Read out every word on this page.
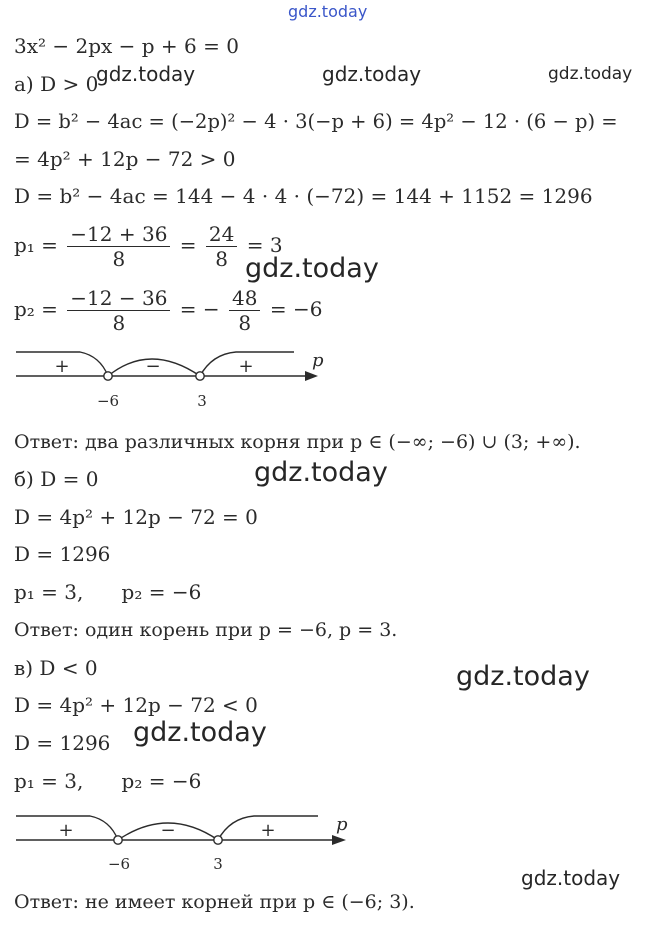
gdz.today
gdz.today	gdz.today	gdz.today
gdz.today
gdz.today
gdz.today
gdz.today
gdz.today
3x² − 2px − p + 6 = 0
а) D > 0
D = b² − 4ac = (−2p)² − 4 · 3(−p + 6) = 4p² − 12 · (6 − p) =
= 4p² + 12p − 72 > 0
D = b² − 4ac = 144 − 4 · 4 · (−72) = 144 + 1152 = 1296
$p_1 = \frac{-12 + 36}{8} = \frac{24}{8} = 3$
$p_2 = \frac{-12 - 36}{8}$ = − $\frac{48}{8} = -6$
+	−	+
−6	3
p
Ответ: два различных корня при p ∈ (−∞; −6) ∪ (3; +∞).
б) D = 0
D = 4p² + 12p − 72 = 0
D = 1296
p₁ = 3,      p₂ = −6
Ответ: один корень при p = −6, p = 3.
в) D < 0
D = 4p² + 12p − 72 < 0
D = 1296
p₁ = 3,      p₂ = −6
+	−	+
−6	3
p
Ответ: не имеет корней при p ∈ (−6; 3).
